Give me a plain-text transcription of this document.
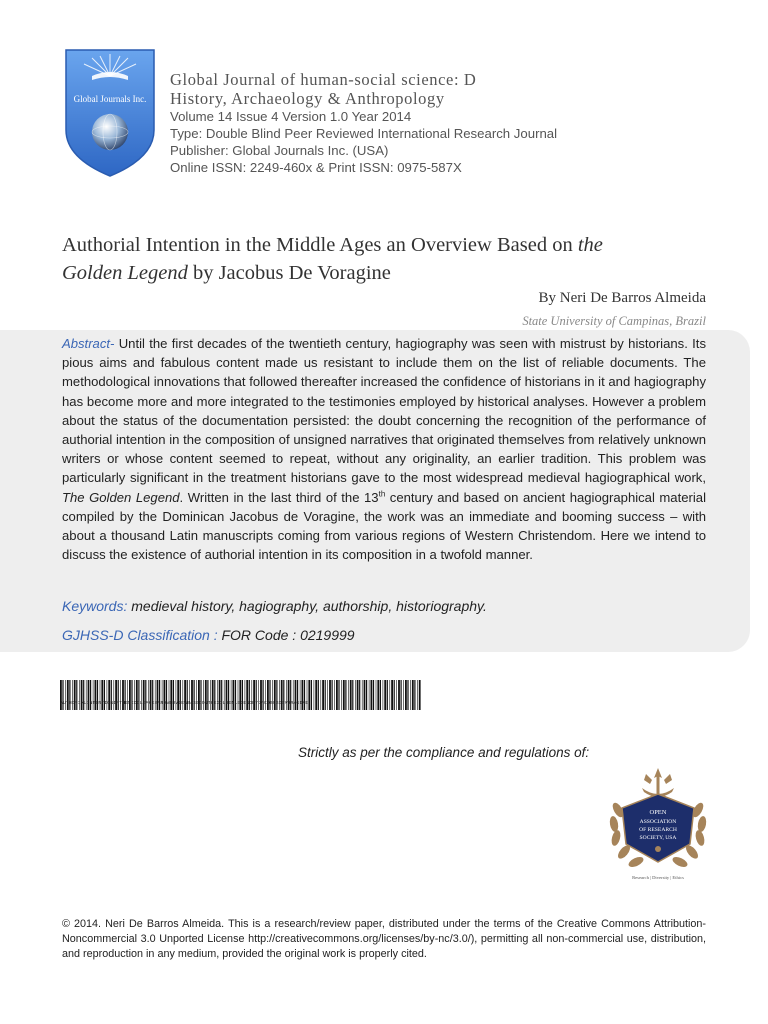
Global Journals Inc.
Global Journal of human-social science: D
History, Archaeology & Anthropology
Volume 14 Issue 4 Version 1.0 Year 2014
Type: Double Blind Peer Reviewed International Research Journal
Publisher: Global Journals Inc. (USA)
Online ISSN: 2249-460x & Print ISSN: 0975-587X
Authorial Intention in the Middle Ages an Overview Based on the
Golden Legend by Jacobus De Voragine
By Neri De Barros Almeida
State University of Campinas, Brazil
Abstract- Until the first decades of the twentieth century, hagiography was seen with mistrust by historians. Its pious aims and fabulous content made us resistant to include them on the list of reliable documents. The methodological innovations that followed thereafter increased the confidence of historians in it and hagiography has become more and more integrated to the testimonies employed by historical analyses. However a problem about the status of the documentation persisted: the doubt concerning the recognition of the performance of authorial intention in the composition of unsigned narratives that originated themselves from relatively unknown writers or whose content seemed to repeat, without any originality, an earlier tradition. This problem was particularly significant in the treatment historians gave to the most widespread medieval hagiographical work, The Golden Legend. Written in the last third of the 13th century and based on ancient hagiographical material compiled by the Dominican Jacobus de Voragine, the work was an immediate and booming success – with about a thousand Latin manuscripts coming from various regions of Western Christendom. Here we intend to discuss the existence of authorial intention in its composition in a twofold manner.
Keywords: medieval history, hagiography, authorship, historiography.
GJHSS-D Classification : FOR Code : 0219999
AUTHORIALINTENTIONINTHEMIDDLEAGESANOVERVIEWBASEDONTHEGOLDENLEGENDBYJACOBUSDEVORAGINE
Strictly as per the compliance and regulations of:
OPEN
ASSOCIATION
OF RESEARCH
SOCIETY, USA
Research | Diversity | Ethics
© 2014. Neri De Barros Almeida. This is a research/review paper, distributed under the terms of the Creative Commons Attribution-Noncommercial 3.0 Unported License http://creativecommons.org/licenses/by-nc/3.0/), permitting all non-commercial use, distribution, and reproduction in any medium, provided the original work is properly cited.
